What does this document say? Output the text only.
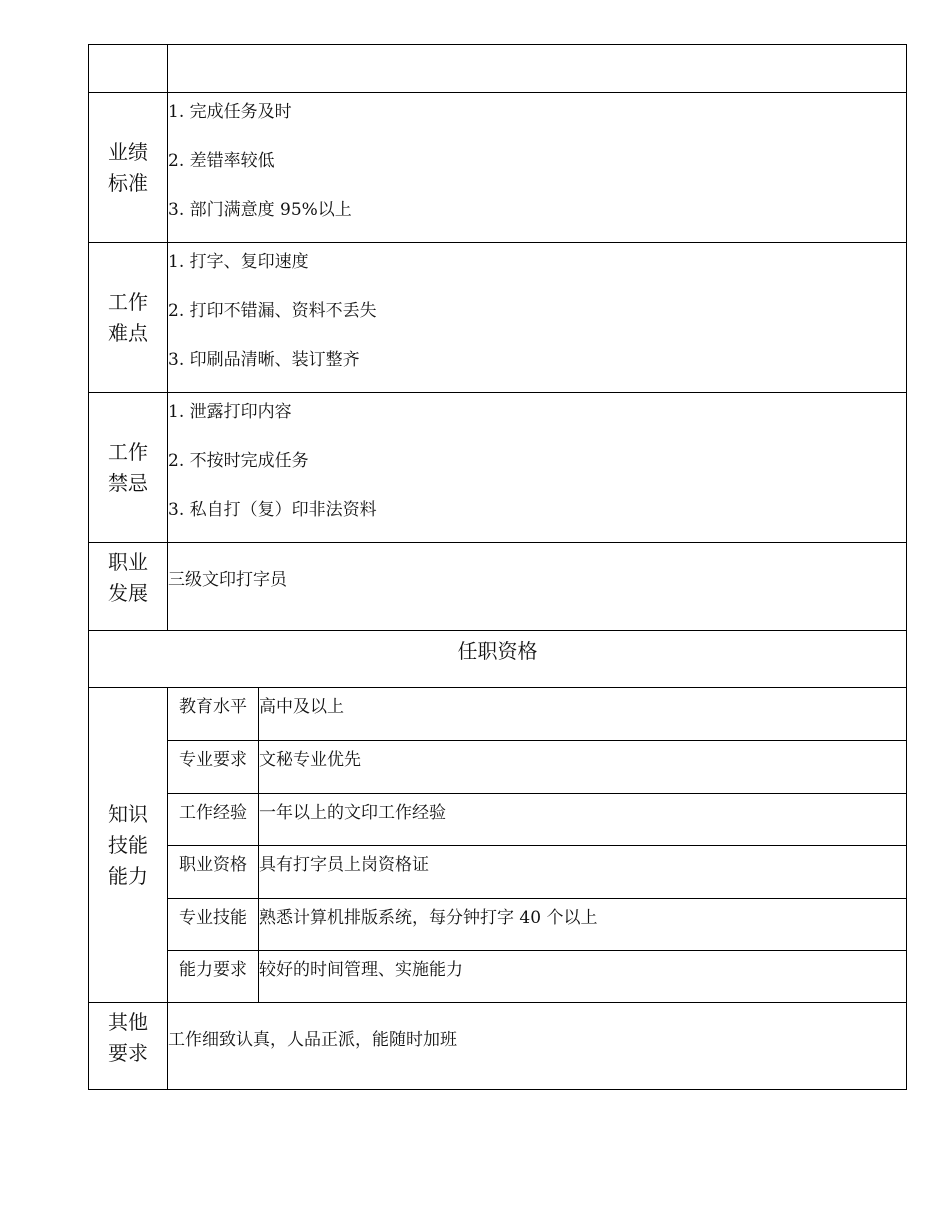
业绩标准
1. 完成任务及时
2. 差错率较低
3. 部门满意度 95%以上
工作难点
1. 打字、复印速度
2. 打印不错漏、资料不丢失
3. 印刷品清晰、装订整齐
工作禁忌
1. 泄露打印内容
2. 不按时完成任务
3. 私自打（复）印非法资料
职业发展
三级文印打字员
任职资格
知识技能能力
教育水平 高中及以上
专业要求 文秘专业优先
工作经验 一年以上的文印工作经验
职业资格 具有打字员上岗资格证
专业技能 熟悉计算机排版系统，每分钟打字 40 个以上
能力要求 较好的时间管理、实施能力
其他要求
工作细致认真，人品正派，能随时加班
